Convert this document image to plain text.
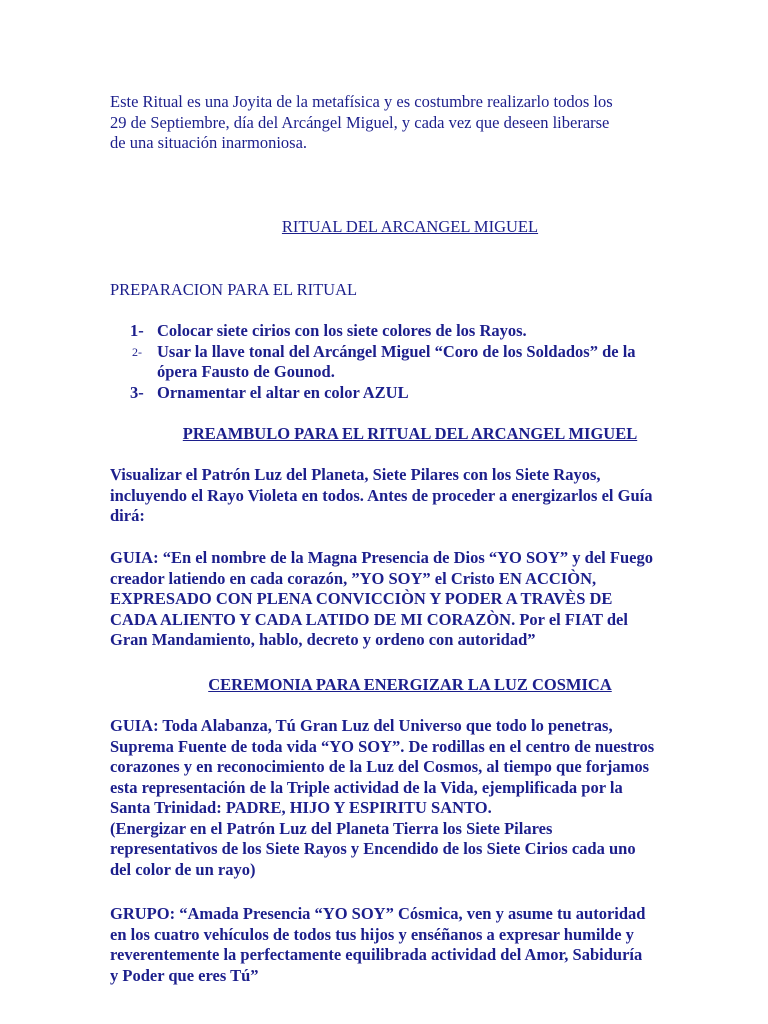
Este Ritual es una Joyita de la metafísica y es costumbre realizarlo todos los
29 de Septiembre, día del Arcángel Miguel, y cada vez que deseen liberarse
de una situación inarmoniosa.

RITUAL DEL ARCANGEL MIGUEL

PREPARACION PARA EL RITUAL

1- Colocar siete cirios con los siete colores de los Rayos.
2- Usar la llave tonal del Arcángel Miguel “Coro de los Soldados” de la
ópera Fausto de Gounod.
3- Ornamentar el altar en color AZUL

PREAMBULO PARA EL RITUAL DEL ARCANGEL MIGUEL

Visualizar el Patrón Luz del Planeta, Siete Pilares con los Siete Rayos,
incluyendo el Rayo Violeta en todos. Antes de proceder a energizarlos el Guía
dirá:

GUIA: “En el nombre de la Magna Presencia de Dios “YO SOY” y del Fuego
creador latiendo en cada corazón, ”YO SOY” el Cristo EN ACCIÒN,
EXPRESADO CON PLENA CONVICCIÒN Y PODER A TRAVÈS DE
CADA ALIENTO Y CADA LATIDO DE MI CORAZÒN. Por el FIAT del
Gran Mandamiento, hablo, decreto y ordeno con autoridad”

CEREMONIA PARA ENERGIZAR LA LUZ COSMICA

GUIA: Toda Alabanza, Tú Gran Luz del Universo que todo lo penetras,
Suprema Fuente de toda vida “YO SOY”. De rodillas en el centro de nuestros
corazones y en reconocimiento de la Luz del Cosmos, al tiempo que forjamos
esta representación de la Triple actividad de la Vida, ejemplificada por la
Santa Trinidad: PADRE, HIJO Y ESPIRITU SANTO.
(Energizar en el Patrón Luz del Planeta Tierra los Siete Pilares
representativos de los Siete Rayos y Encendido de los Siete Cirios cada uno
del color de un rayo)

GRUPO: “Amada Presencia “YO SOY” Cósmica, ven y asume tu autoridad
en los cuatro vehículos de todos tus hijos y enséñanos a expresar humilde y
reverentemente la perfectamente equilibrada actividad del Amor, Sabiduría
y Poder que eres Tú”
